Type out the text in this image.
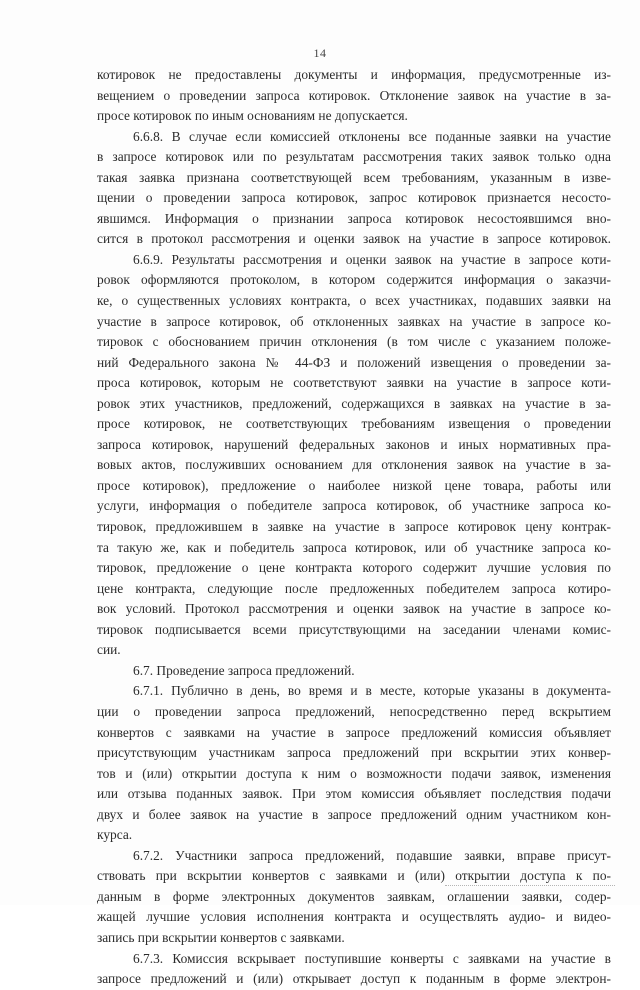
14
котировок не предоставлены документы и информация, предусмотренные из-
вещением о проведении запроса котировок. Отклонение заявок на участие в за-
просе котировок по иным основаниям не допускается.
6.6.8. В случае если комиссией отклонены все поданные заявки на участие
в запросе котировок или по результатам рассмотрения таких заявок только одна
такая заявка признана соответствующей всем требованиям, указанным в изве-
щении о проведении запроса котировок, запрос котировок признается несосто-
явшимся. Информация о признании запроса котировок несостоявшимся вно-
сится в протокол рассмотрения и оценки заявок на участие в запросе котировок.
6.6.9. Результаты рассмотрения и оценки заявок на участие в запросе коти-
ровок оформляются протоколом, в котором содержится информация о заказчи-
ке, о существенных условиях контракта, о всех участниках, подавших заявки на
участие в запросе котировок, об отклоненных заявках на участие в запросе ко-
тировок с обоснованием причин отклонения (в том числе с указанием положе-
ний Федерального закона № 44-ФЗ и положений извещения о проведении за-
проса котировок, которым не соответствуют заявки на участие в запросе коти-
ровок этих участников, предложений, содержащихся в заявках на участие в за-
просе котировок, не соответствующих требованиям извещения о проведении
запроса котировок, нарушений федеральных законов и иных нормативных пра-
вовых актов, послуживших основанием для отклонения заявок на участие в за-
просе котировок), предложение о наиболее низкой цене товара, работы или
услуги, информация о победителе запроса котировок, об участнике запроса ко-
тировок, предложившем в заявке на участие в запросе котировок цену контрак-
та такую же, как и победитель запроса котировок, или об участнике запроса ко-
тировок, предложение о цене контракта которого содержит лучшие условия по
цене контракта, следующие после предложенных победителем запроса котиро-
вок условий. Протокол рассмотрения и оценки заявок на участие в запросе ко-
тировок подписывается всеми присутствующими на заседании членами комис-
сии.
6.7. Проведение запроса предложений.
6.7.1. Публично в день, во время и в месте, которые указаны в документа-
ции о проведении запроса предложений, непосредственно перед вскрытием
конвертов с заявками на участие в запросе предложений комиссия объявляет
присутствующим участникам запроса предложений при вскрытии этих конвер-
тов и (или) открытии доступа к ним о возможности подачи заявок, изменения
или отзыва поданных заявок. При этом комиссия объявляет последствия подачи
двух и более заявок на участие в запросе предложений одним участником кон-
курса.
6.7.2. Участники запроса предложений, подавшие заявки, вправе присут-
ствовать при вскрытии конвертов с заявками и (или) открытии доступа к по-
данным в форме электронных документов заявкам, оглашении заявки, содер-
жащей лучшие условия исполнения контракта и осуществлять аудио- и видео-
запись при вскрытии конвертов с заявками.
6.7.3. Комиссия вскрывает поступившие конверты с заявками на участие в
запросе предложений и (или) открывает доступ к поданным в форме электрон-
